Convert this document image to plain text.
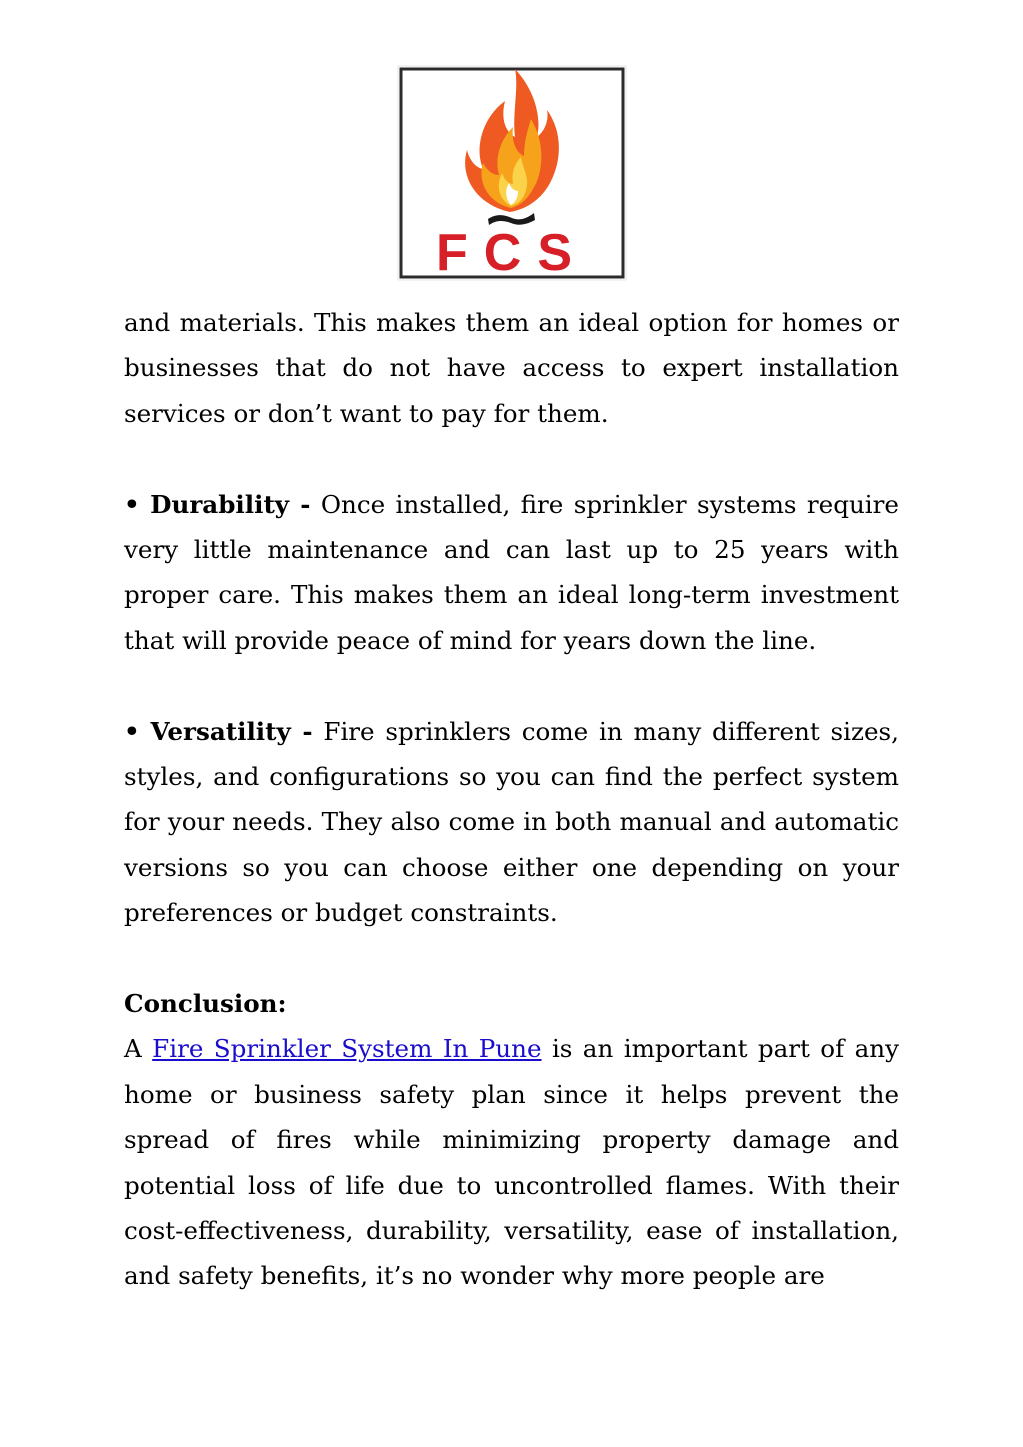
FCS

and materials. This makes them an ideal option for homes or businesses that do not have access to expert installation services or don’t want to pay for them.

• Durability - Once installed, fire sprinkler systems require very little maintenance and can last up to 25 years with proper care. This makes them an ideal long-term investment that will provide peace of mind for years down the line.

• Versatility - Fire sprinklers come in many different sizes, styles, and configurations so you can find the perfect system for your needs. They also come in both manual and automatic versions so you can choose either one depending on your preferences or budget constraints.

Conclusion:

A Fire Sprinkler System In Pune is an important part of any home or business safety plan since it helps prevent the spread of fires while minimizing property damage and potential loss of life due to uncontrolled flames. With their cost-effectiveness, durability, versatility, ease of installation, and safety benefits, it’s no wonder why more people are
